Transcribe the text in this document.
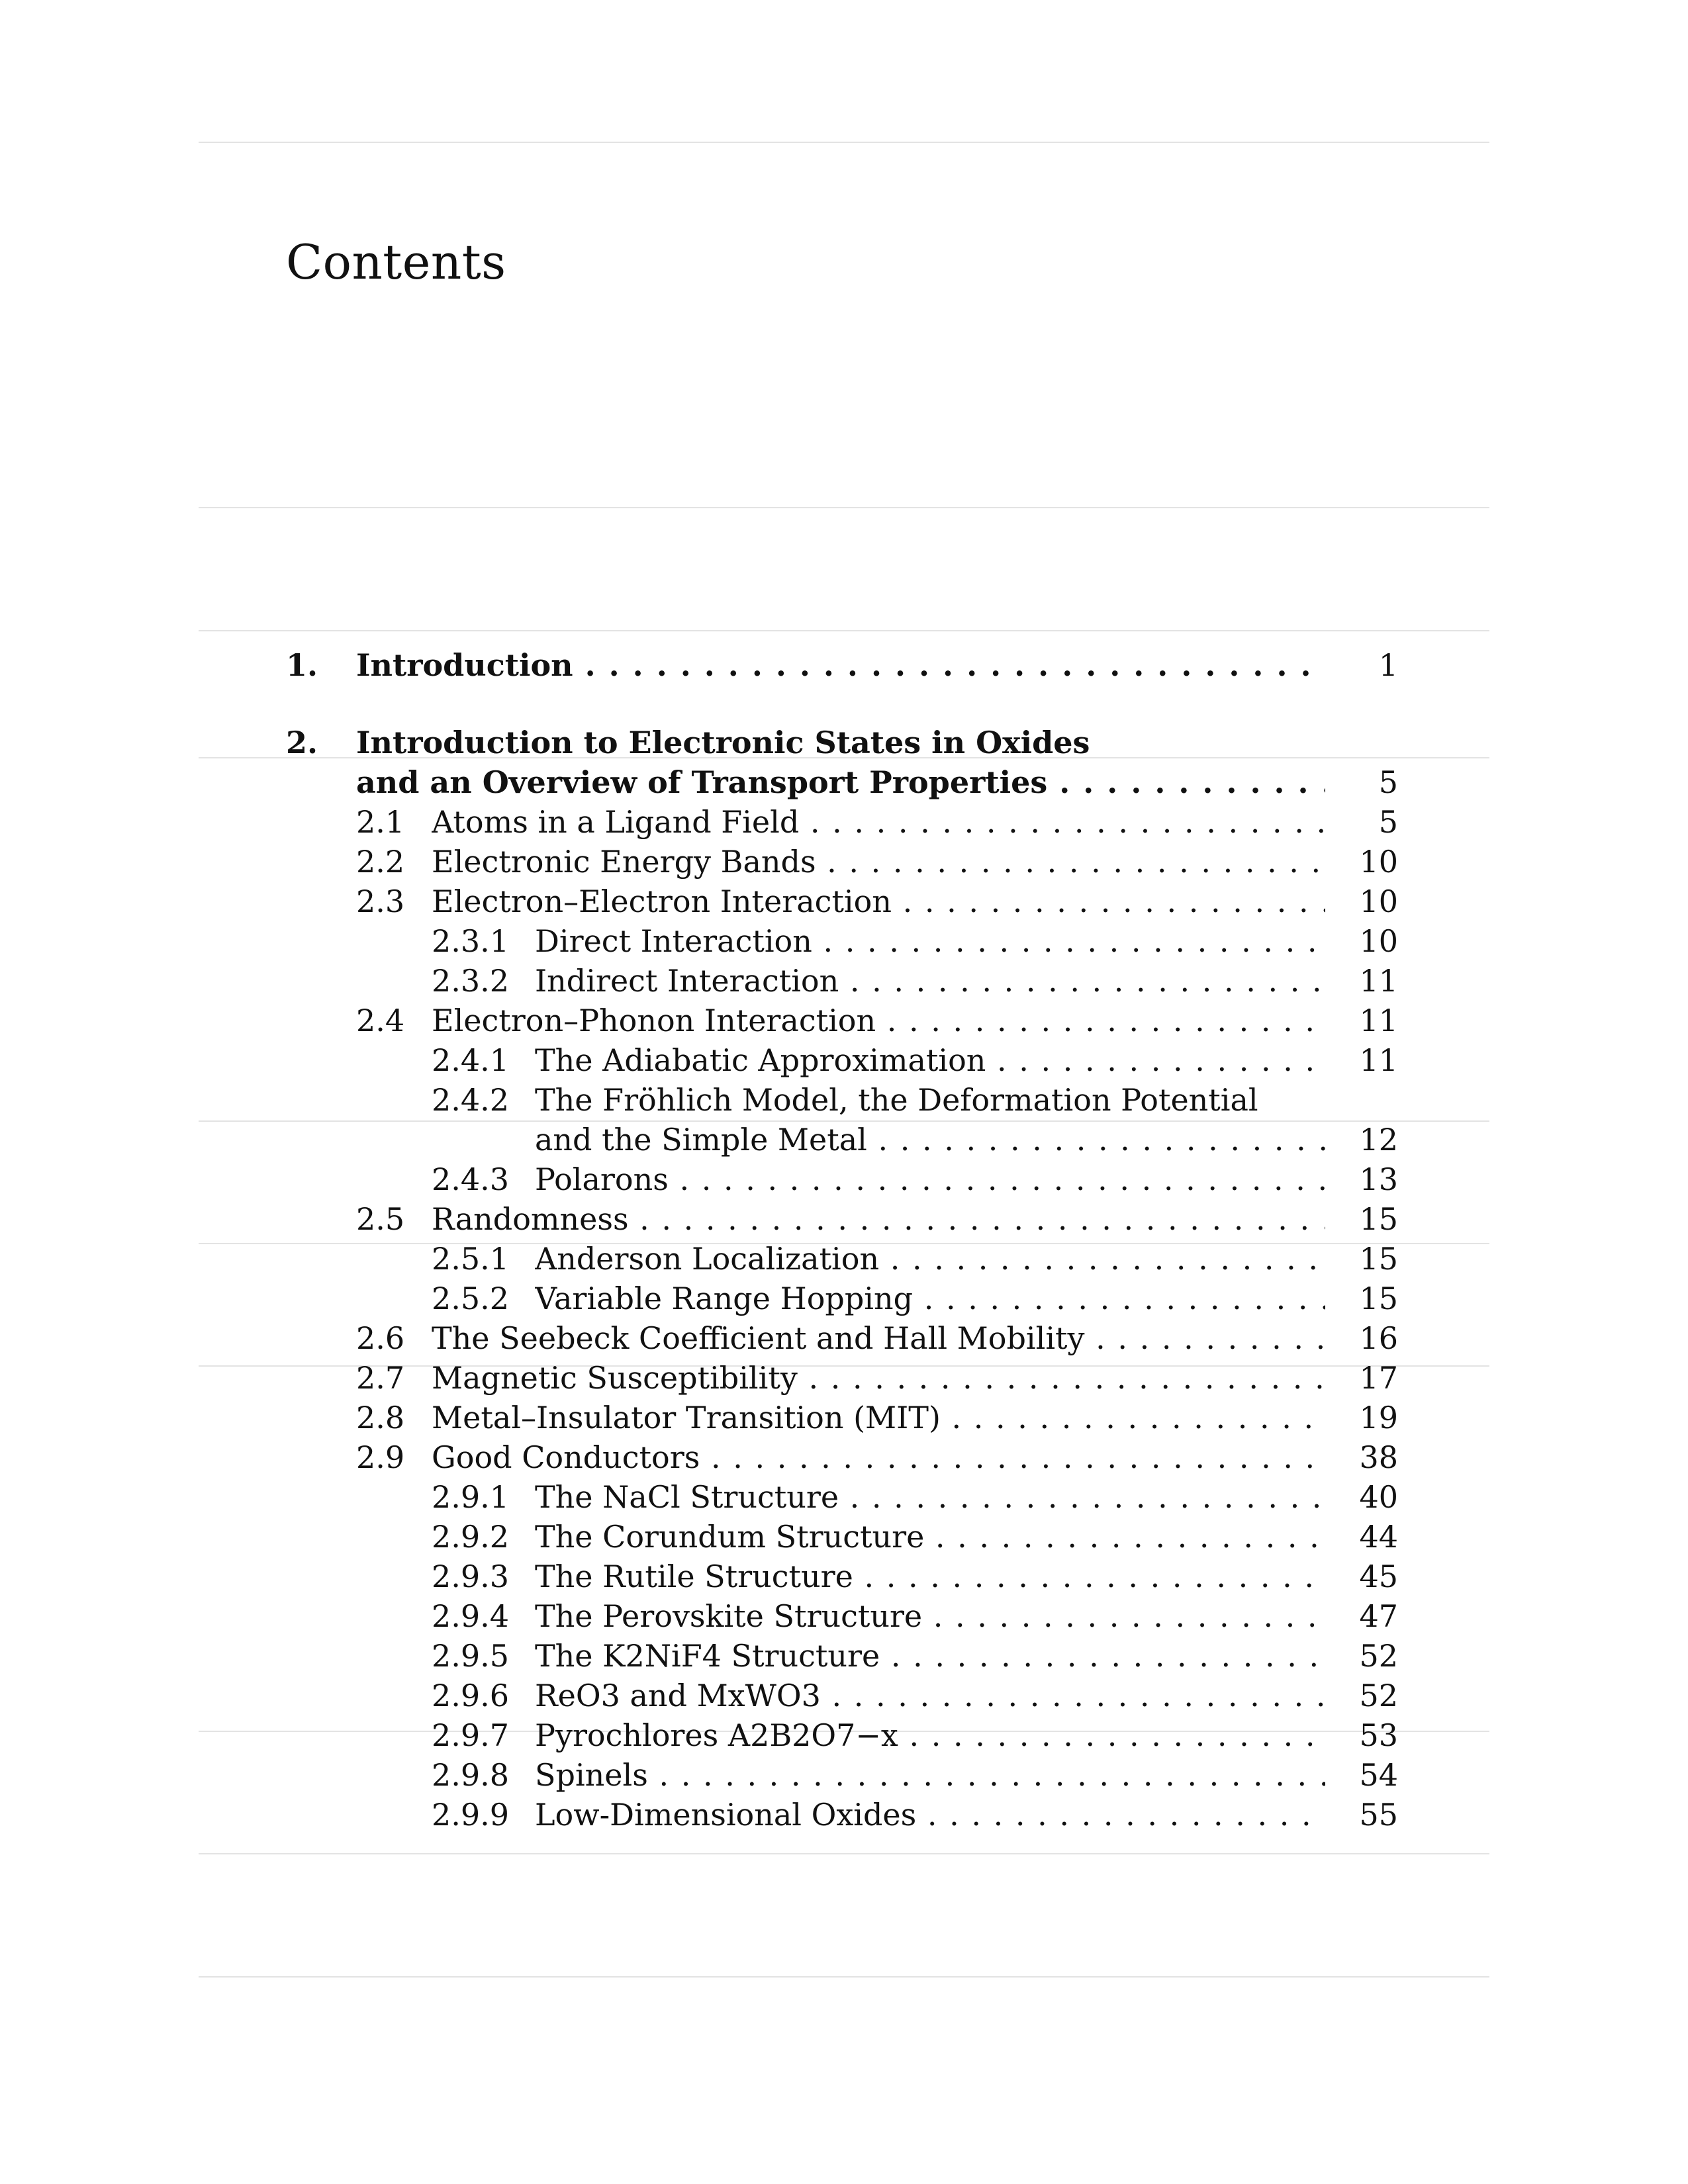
Contents
1. Introduction . . .	1
2. Introduction to Electronic States in Oxides
and an Overview of Transport Properties . . .	5
2.1 Atoms in a Ligand Field . . .	5
2.2 Electronic Energy Bands . . .	10
2.3 Electron–Electron Interaction . . .	10
2.3.1 Direct Interaction . . .	10
2.3.2 Indirect Interaction . . .	11
2.4 Electron–Phonon Interaction . . .	11
2.4.1 The Adiabatic Approximation . . .	11
2.4.2 The Fröhlich Model, the Deformation Potential
and the Simple Metal . . .	12
2.4.3 Polarons . . .	13
2.5 Randomness . . .	15
2.5.1 Anderson Localization . . .	15
2.5.2 Variable Range Hopping . . .	15
2.6 The Seebeck Coefficient and Hall Mobility . . .	16
2.7 Magnetic Susceptibility . . .	17
2.8 Metal–Insulator Transition (MIT) . . .	19
2.9 Good Conductors . . .	38
2.9.1 The NaCl Structure . . .	40
2.9.2 The Corundum Structure . . .	44
2.9.3 The Rutile Structure . . .	45
2.9.4 The Perovskite Structure . . .	47
2.9.5 The K2NiF4 Structure . . .	52
2.9.6 ReO3 and MxWO3 . . .	52
2.9.7 Pyrochlores A2B2O7−x . . .	53
2.9.8 Spinels . . .	54
2.9.9 Low-Dimensional Oxides . . .	55
